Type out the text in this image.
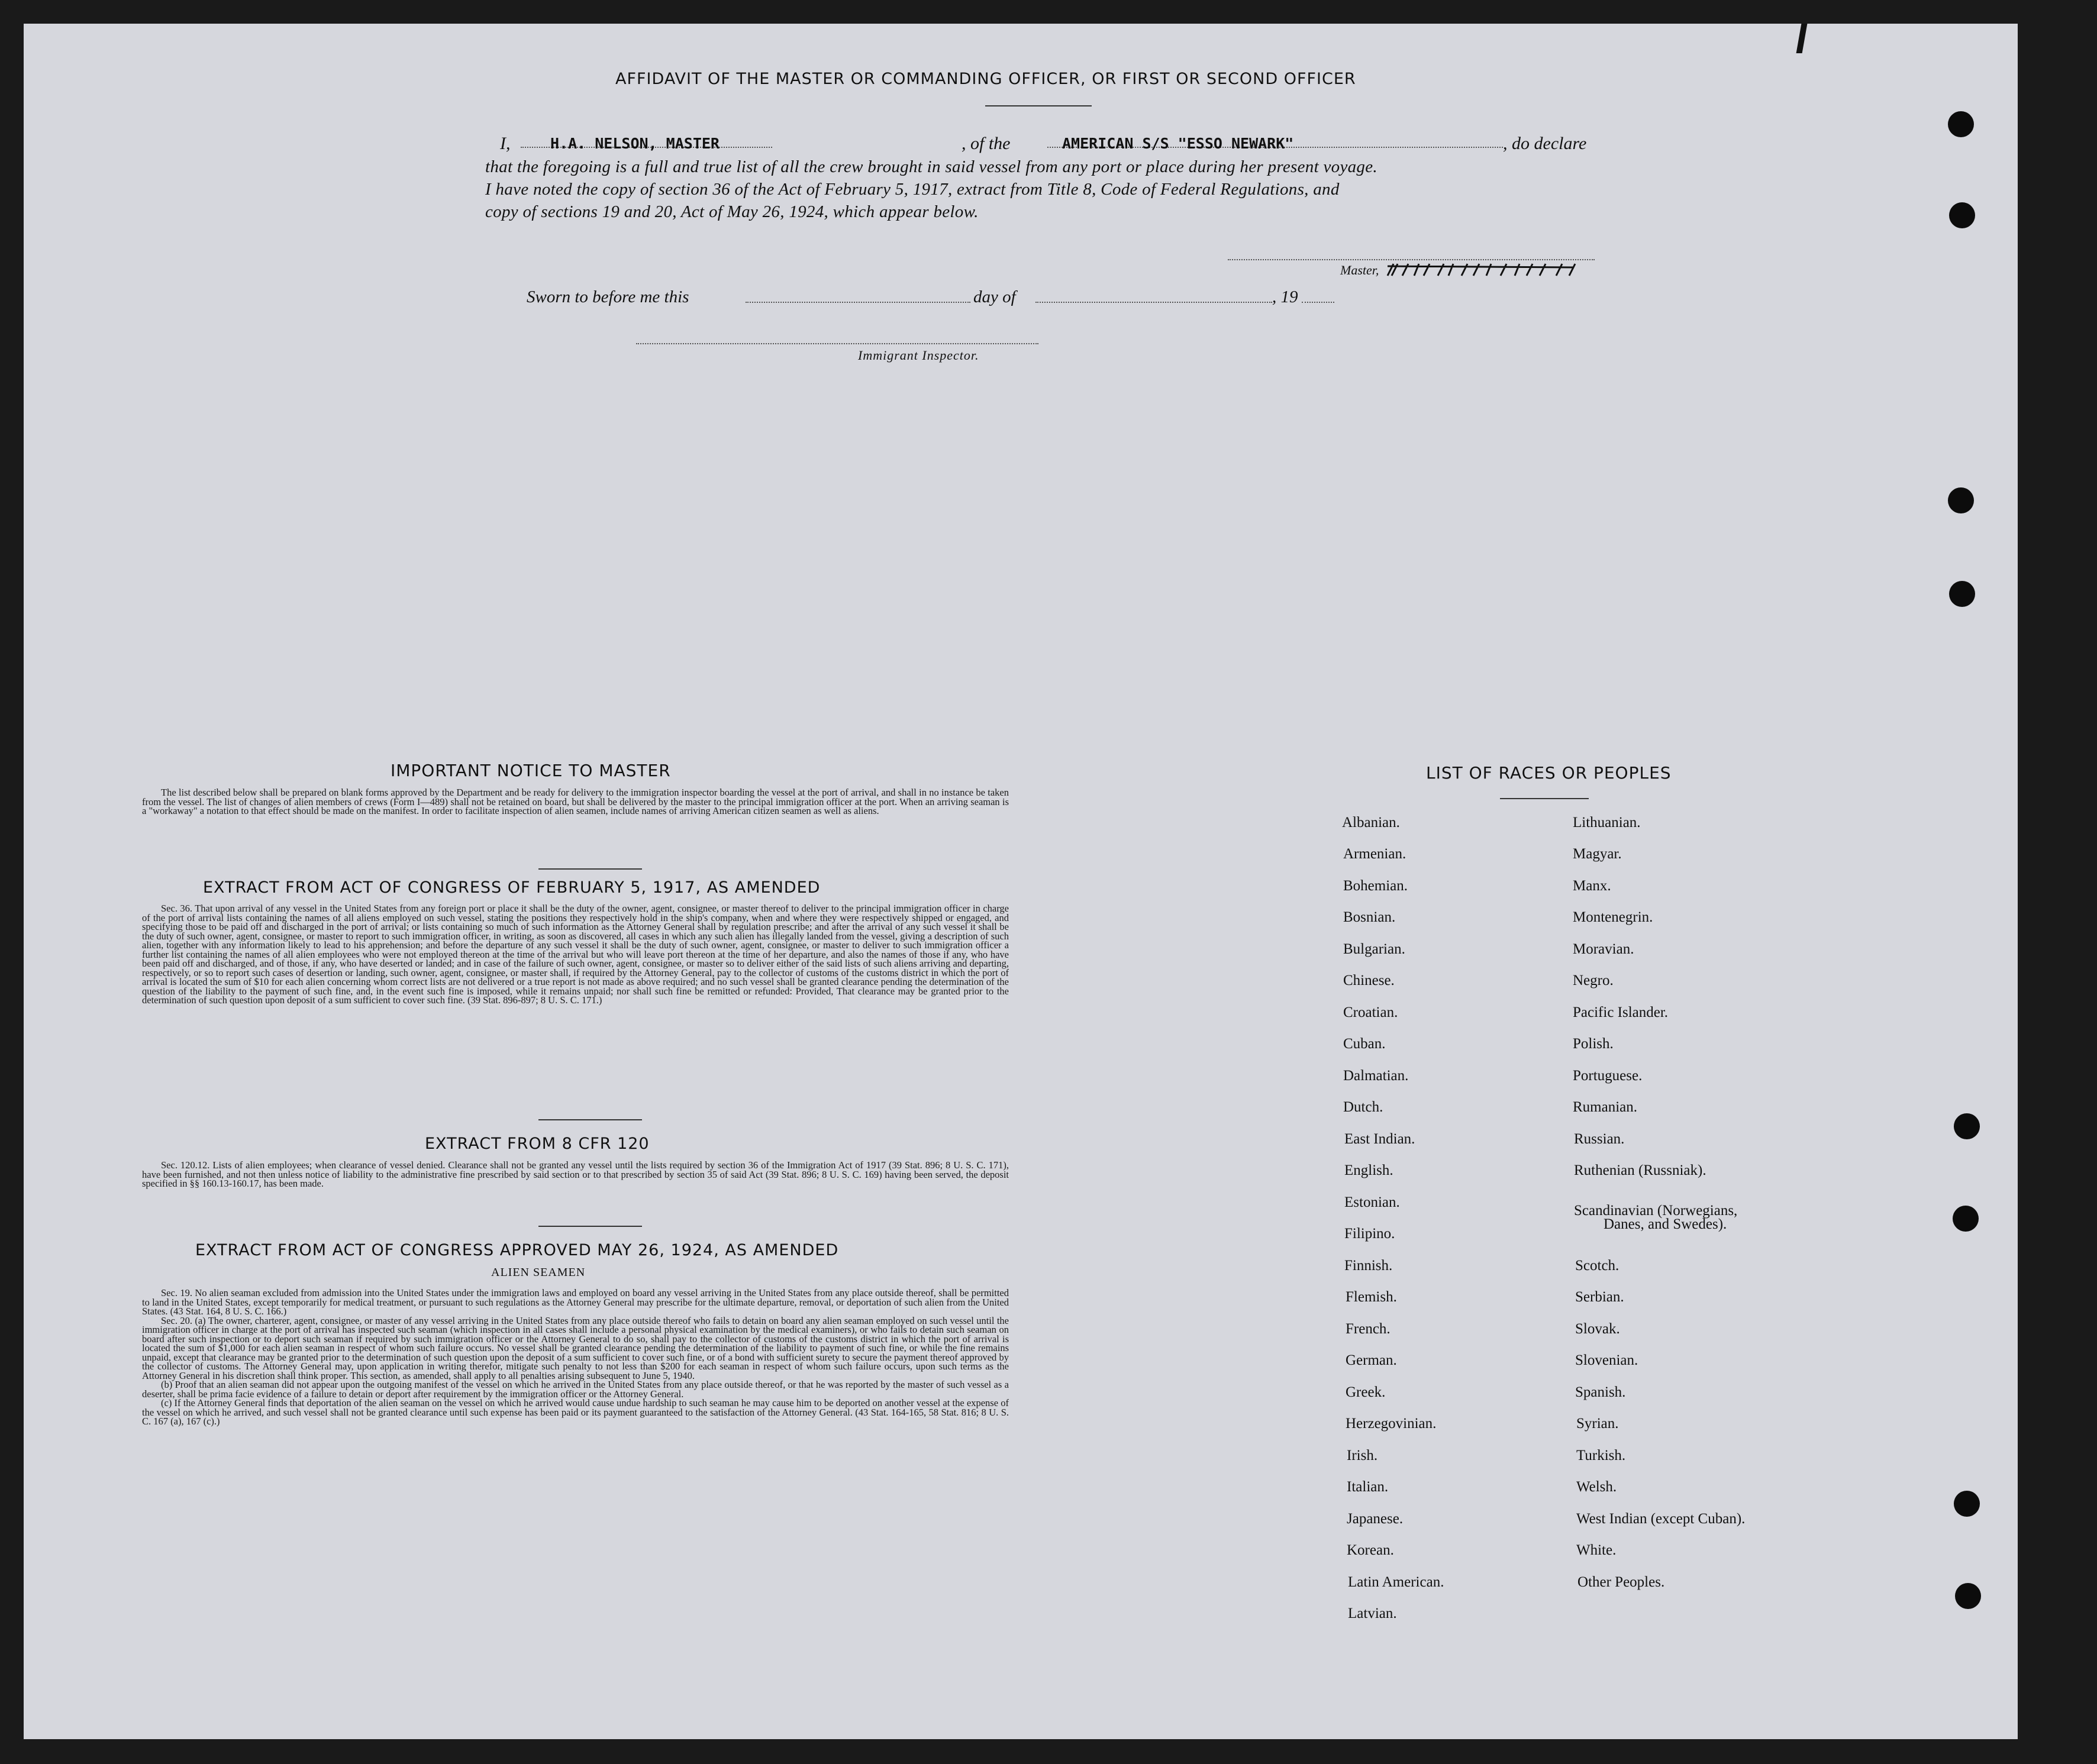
AFFIDAVIT OF THE MASTER OR COMMANDING OFFICER, OR FIRST OR SECOND OFFICER
I,	H.A. NELSON, MASTER	, of the	AMERICAN S/S "ESSO NEWARK"	, do declare
that the foregoing is a full and true list of all the crew brought in said vessel from any port or place during her present voyage.
I have noted the copy of section 36 of the Act of February 5, 1917, extract from Title 8, Code of Federal Regulations, and
copy of sections 19 and 20, Act of May 26, 1924, which appear below.
Master,
Sworn to before me this	day of	, 19
Immigrant Inspector.
IMPORTANT NOTICE TO MASTER

The list described below shall be prepared on blank forms approved by the Department and be ready for delivery to the immigration inspector boarding the vessel at the port of arrival, and shall in no instance be taken from the vessel. The list of changes of alien members of crews (Form I—489) shall not be retained on board, but shall be delivered by the master to the principal immigration officer at the port. When an arriving seaman is a "workaway" a notation to that effect should be made on the manifest. In order to facilitate inspection of alien seamen, include names of arriving American citizen seamen as well as aliens.

EXTRACT FROM ACT OF CONGRESS OF FEBRUARY 5, 1917, AS AMENDED

Sec. 36. That upon arrival of any vessel in the United States from any foreign port or place it shall be the duty of the owner, agent, consignee, or master thereof to deliver to the principal immigration officer in charge of the port of arrival lists containing the names of all aliens employed on such vessel, stating the positions they respectively hold in the ship's company, when and where they were respectively shipped or engaged, and specifying those to be paid off and discharged in the port of arrival; or lists containing so much of such information as the Attorney General shall by regulation prescribe; and after the arrival of any such vessel it shall be the duty of such owner, agent, consignee, or master to report to such immigration officer, in writing, as soon as discovered, all cases in which any such alien has illegally landed from the vessel, giving a description of such alien, together with any information likely to lead to his apprehension; and before the departure of any such vessel it shall be the duty of such owner, agent, consignee, or master to deliver to such immigration officer a further list containing the names of all alien employees who were not employed thereon at the time of the arrival but who will leave port thereon at the time of her departure, and also the names of those if any, who have been paid off and discharged, and of those, if any, who have deserted or landed; and in case of the failure of such owner, agent, consignee, or master so to deliver either of the said lists of such aliens arriving and departing, respectively, or so to report such cases of desertion or landing, such owner, agent, consignee, or master shall, if required by the Attorney General, pay to the collector of customs of the customs district in which the port of arrival is located the sum of $10 for each alien concerning whom correct lists are not delivered or a true report is not made as above required; and no such vessel shall be granted clearance pending the determination of the question of the liability to the payment of such fine, and, in the event such fine is imposed, while it remains unpaid; nor shall such fine be remitted or refunded: Provided, That clearance may be granted prior to the determination of such question upon deposit of a sum sufficient to cover such fine. (39 Stat. 896-897; 8 U. S. C. 171.)

EXTRACT FROM 8 CFR 120

Sec. 120.12. Lists of alien employees; when clearance of vessel denied. Clearance shall not be granted any vessel until the lists required by section 36 of the Immigration Act of 1917 (39 Stat. 896; 8 U. S. C. 171), have been furnished, and not then unless notice of liability to the administrative fine prescribed by said section or to that prescribed by section 35 of said Act (39 Stat. 896; 8 U. S. C. 169) having been served, the deposit specified in §§ 160.13-160.17, has been made.

EXTRACT FROM ACT OF CONGRESS APPROVED MAY 26, 1924, AS AMENDED
ALIEN SEAMEN

Sec. 19. No alien seaman excluded from admission into the United States under the immigration laws and employed on board any vessel arriving in the United States from any place outside thereof, shall be permitted to land in the United States, except temporarily for medical treatment, or pursuant to such regulations as the Attorney General may prescribe for the ultimate departure, removal, or deportation of such alien from the United States. (43 Stat. 164, 8 U. S. C. 166.)

Sec. 20. (a) The owner, charterer, agent, consignee, or master of any vessel arriving in the United States from any place outside thereof who fails to detain on board any alien seaman employed on such vessel until the immigration officer in charge at the port of arrival has inspected such seaman (which inspection in all cases shall include a personal physical examination by the medical examiners), or who fails to detain such seaman on board after such inspection or to deport such seaman if required by such immigration officer or the Attorney General to do so, shall pay to the collector of customs of the customs district in which the port of arrival is located the sum of $1,000 for each alien seaman in respect of whom such failure occurs. No vessel shall be granted clearance pending the determination of the liability to payment of such fine, or while the fine remains unpaid, except that clearance may be granted prior to the determination of such question upon the deposit of a sum sufficient to cover such fine, or of a bond with sufficient surety to secure the payment thereof approved by the collector of customs. The Attorney General may, upon application in writing therefor, mitigate such penalty to not less than $200 for each seaman in respect of whom such failure occurs, upon such terms as the Attorney General in his discretion shall think proper. This section, as amended, shall apply to all penalties arising subsequent to June 5, 1940.

(b) Proof that an alien seaman did not appear upon the outgoing manifest of the vessel on which he arrived in the United States from any place outside thereof, or that he was reported by the master of such vessel as a deserter, shall be prima facie evidence of a failure to detain or deport after requirement by the immigration officer or the Attorney General.

(c) If the Attorney General finds that deportation of the alien seaman on the vessel on which he arrived would cause undue hardship to such seaman he may cause him to be deported on another vessel at the expense of the vessel on which he arrived, and such vessel shall not be granted clearance until such expense has been paid or its payment guaranteed to the satisfaction of the Attorney General. (43 Stat. 164-165, 58 Stat. 816; 8 U. S. C. 167 (a), 167 (c).)

LIST OF RACES OR PEOPLES
Albanian.
Armenian.
Bohemian.
Bosnian.
Bulgarian.
Chinese.
Croatian.
Cuban.
Dalmatian.
Dutch.
East Indian.
English.
Estonian.
Filipino.
Finnish.
Flemish.
French.
German.
Greek.
Herzegovinian.
Irish.
Italian.
Japanese.
Korean.
Latin American.
Latvian.
Lithuanian.
Magyar.
Manx.
Montenegrin.
Moravian.
Negro.
Pacific Islander.
Polish.
Portuguese.
Rumanian.
Russian.
Ruthenian (Russniak).
Scandinavian (Norwegians,
Danes, and Swedes).
Scotch.
Serbian.
Slovak.
Slovenian.
Spanish.
Syrian.
Turkish.
Welsh.
West Indian (except Cuban).
White.
Other Peoples.
